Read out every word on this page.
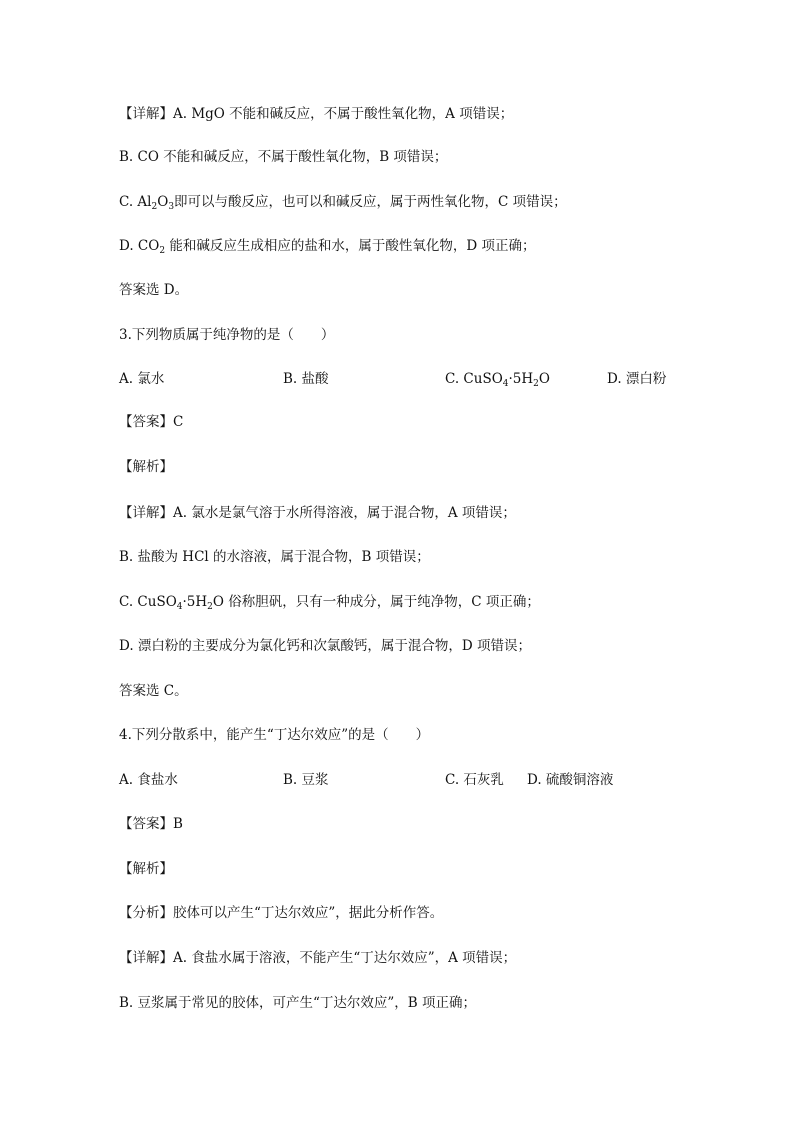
【详解】A. MgO 不能和碱反应，不属于酸性氧化物，A 项错误；
B. CO 不能和碱反应，不属于酸性氧化物，B 项错误；
C. $Al_2O_3$即可以与酸反应，也可以和碱反应，属于两性氧化物，C 项错误；
D. $CO_2$ 能和碱反应生成相应的盐和水，属于酸性氧化物，D 项正确；
答案选 D。
3.下列物质属于纯净物的是（　　）
A. 氯水	B. 盐酸	C. $CuSO_4\cdot 5H_2O$	D. 漂白粉
【答案】C
【解析】
【详解】A. 氯水是氯气溶于水所得溶液，属于混合物，A 项错误；
B. 盐酸为 HCl 的水溶液，属于混合物，B 项错误；
C. $CuSO_4\cdot 5H_2O$ 俗称胆矾，只有一种成分，属于纯净物，C 项正确；
D. 漂白粉的主要成分为氯化钙和次氯酸钙，属于混合物，D 项错误；
答案选 C。
4.下列分散系中，能产生“丁达尔效应”的是（　　）
A. 食盐水	B. 豆浆	C. 石灰乳 D. 硫酸铜溶液
【答案】B
【解析】
【分析】胶体可以产生“丁达尔效应”，据此分析作答。
【详解】A. 食盐水属于溶液，不能产生“丁达尔效应”，A 项错误；
B. 豆浆属于常见的胶体，可产生“丁达尔效应”，B 项正确；
